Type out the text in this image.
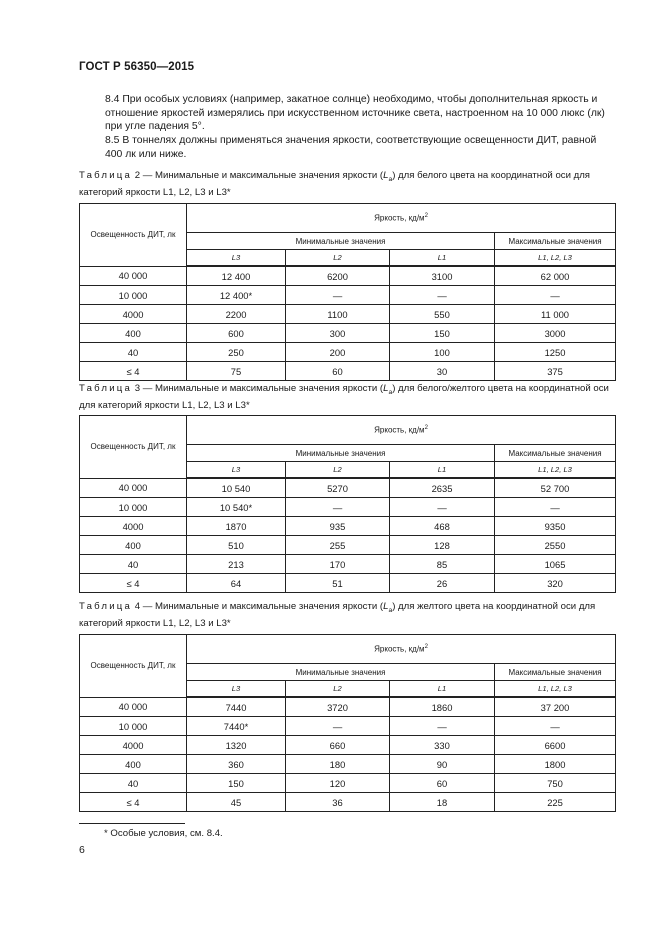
ГОСТ Р 56350—2015
8.4 При особых условиях (например, закатное солнце) необходимо, чтобы дополнительная яркость и отношение яркостей измерялись при искусственном источнике света, настроенном на 10 000 люкс (лк) при угле падения 5°.
8.5 В тоннелях должны применяться значения яркости, соответствующие освещенности ДИТ, равной 400 лк или ниже.
Таблица 2 — Минимальные и максимальные значения яркости $(L_a)$ для белого цвета на координатной оси для категорий яркости L1, L2, L3 и L3*
Освещенность ДИТ, лк	Яркость, $кд/м^2$
	Минимальные значения			Максимальные значения
	L3	L2	L1	L1, L2, L3
40 000	12 400	6200	3100	62 000
10 000	12 400*	—	—	—
4000	2200	1100	550	11 000
400	600	300	150	3000
40	250	200	100	1250
≤ 4	75	60	30	375
Таблица 3 — Минимальные и максимальные значения яркости $(L_a)$ для белого/желтого цвета на координатной оси для категорий яркости L1, L2, L3 и L3*
Освещенность ДИТ, лк	Яркость, $кд/м^2$
	Минимальные значения			Максимальные значения
	L3	L2	L1	L1, L2, L3
40 000	10 540	5270	2635	52 700
10 000	10 540*	—	—	—
4000	1870	935	468	9350
400	510	255	128	2550
40	213	170	85	1065
≤ 4	64	51	26	320
Таблица 4 — Минимальные и максимальные значения яркости $(L_a)$ для желтого цвета на координатной оси для категорий яркости L1, L2, L3 и L3*
Освещенность ДИТ, лк	Яркость, $кд/м^2$
	Минимальные значения			Максимальные значения
	L3	L2	L1	L1, L2, L3
40 000	7440	3720	1860	37 200
10 000	7440*	—	—	—
4000	1320	660	330	6600
400	360	180	90	1800
40	150	120	60	750
≤ 4	45	36	18	225
* Особые условия, см. 8.4.
6
